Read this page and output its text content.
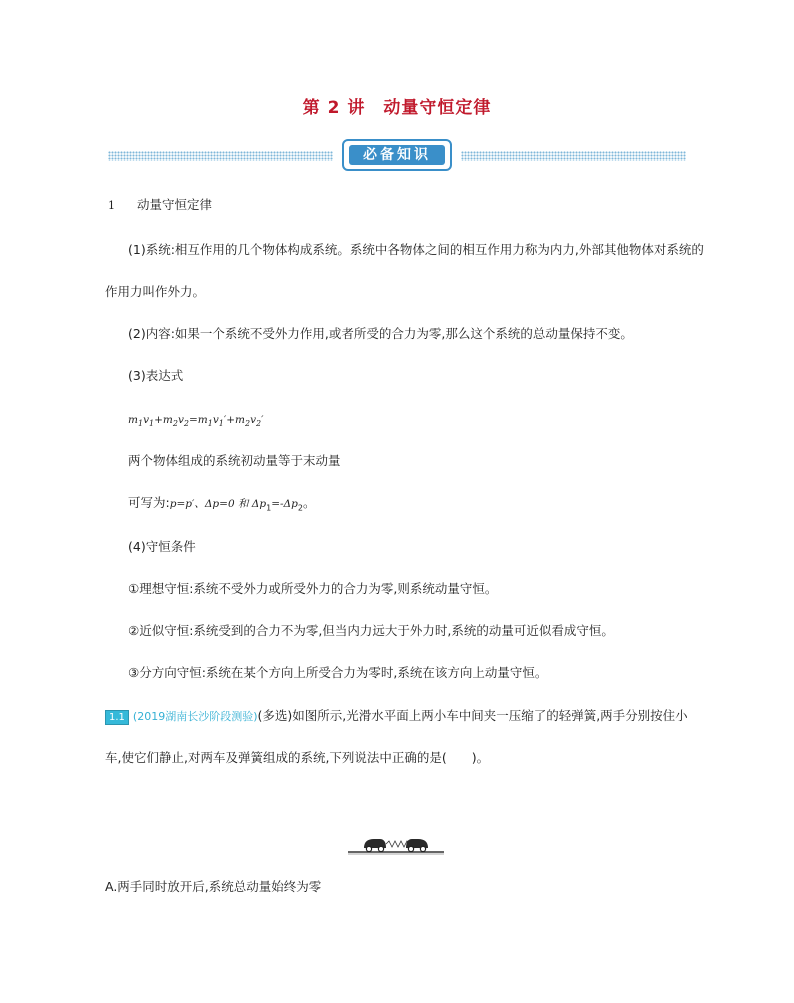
第 2 讲　动量守恒定律
必备知识
1 动量守恒定律
(1)系统:相互作用的几个物体构成系统。系统中各物体之间的相互作用力称为内力,外部其他物体对系统的
作用力叫作外力。
(2)内容:如果一个系统不受外力作用,或者所受的合力为零,那么这个系统的总动量保持不变。
(3)表达式
$m_1v_1+m_2v_2=m_1v_1'+m_2v_2'$
两个物体组成的系统初动量等于末动量
可写为:p=p′、Δp=0 和 $\Delta p_1=-\Delta p_2$。
(4)守恒条件
①理想守恒:系统不受外力或所受外力的合力为零,则系统动量守恒。
②近似守恒:系统受到的合力不为零,但当内力远大于外力时,系统的动量可近似看成守恒。
③分方向守恒:系统在某个方向上所受合力为零时,系统在该方向上动量守恒。
1.1 (2019湖南长沙阶段测验)(多选)如图所示,光滑水平面上两小车中间夹一压缩了的轻弹簧,两手分别按住小
车,使它们静止,对两车及弹簧组成的系统,下列说法中正确的是(　　)。
A.两手同时放开后,系统总动量始终为零
